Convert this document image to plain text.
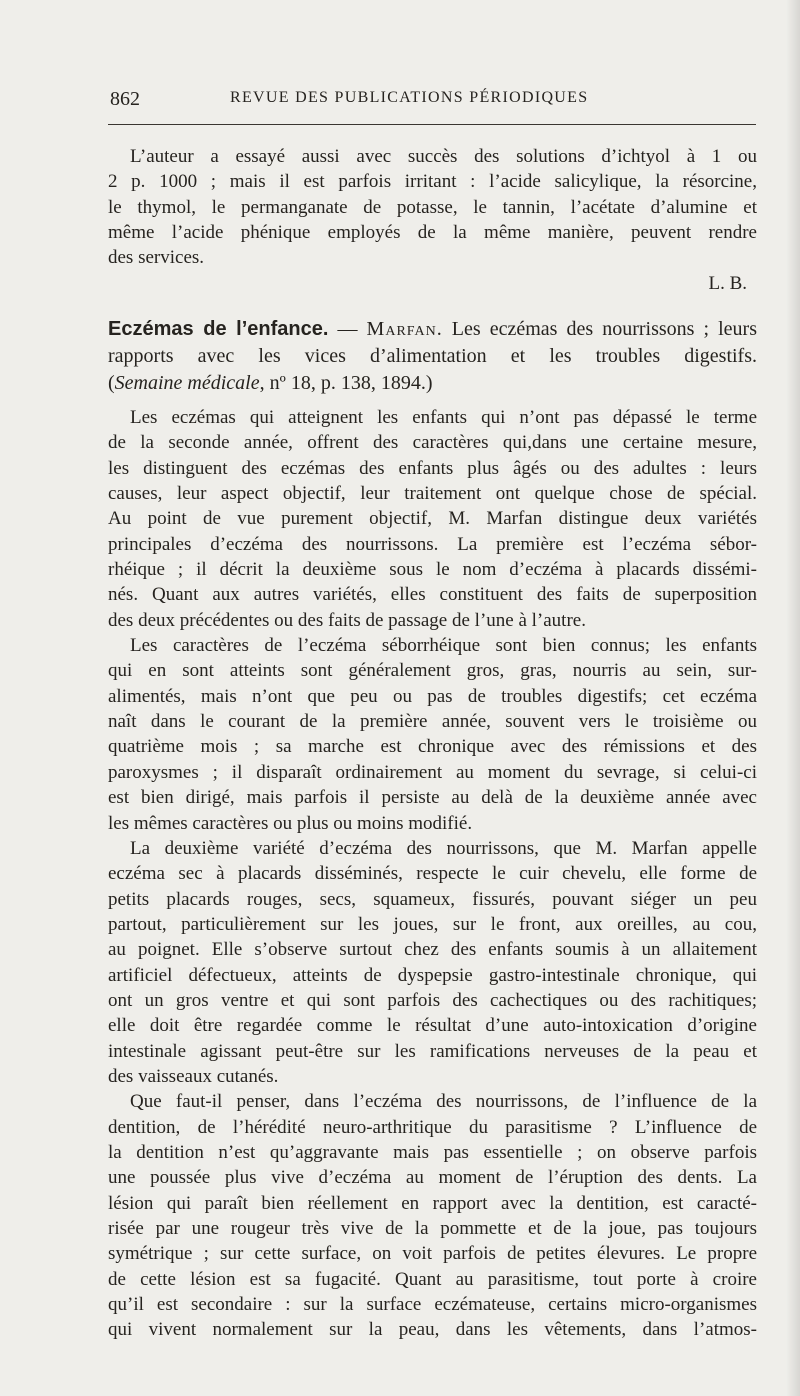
862	REVUE DES PUBLICATIONS PÉRIODIQUES

L’auteur a essayé aussi avec succès des solutions d’ichtyol à 1 ou

2 p. 1000 ; mais il est parfois irritant : l’acide salicylique, la résorcine,

le thymol, le permanganate de potasse, le tannin, l’acétate d’alumine et

même l’acide phénique employés de la même manière, peuvent rendre

des services.

L. B.

Eczémas de l’enfance. — Marfan. Les eczémas des nourrissons ; leurs

rapports avec les vices d’alimentation et les troubles digestifs.

(Semaine médicale, nº 18, p. 138, 1894.)

Les eczémas qui atteignent les enfants qui n’ont pas dépassé le terme

de la seconde année, offrent des caractères qui,dans une certaine mesure,

les distinguent des eczémas des enfants plus âgés ou des adultes : leurs

causes, leur aspect objectif, leur traitement ont quelque chose de spécial.

Au point de vue purement objectif, M. Marfan distingue deux variétés

principales d’eczéma des nourrissons. La première est l’eczéma sébor-

rhéique ; il décrit la deuxième sous le nom d’eczéma à placards dissémi-

nés. Quant aux autres variétés, elles constituent des faits de superposition

des deux précédentes ou des faits de passage de l’une à l’autre.

Les caractères de l’eczéma séborrhéique sont bien connus; les enfants

qui en sont atteints sont généralement gros, gras, nourris au sein, sur-

alimentés, mais n’ont que peu ou pas de troubles digestifs; cet eczéma

naît dans le courant de la première année, souvent vers le troisième ou

quatrième mois ; sa marche est chronique avec des rémissions et des

paroxysmes ; il disparaît ordinairement au moment du sevrage, si celui-ci

est bien dirigé, mais parfois il persiste au delà de la deuxième année avec

les mêmes caractères ou plus ou moins modifié.

La deuxième variété d’eczéma des nourrissons, que M. Marfan appelle

eczéma sec à placards disséminés, respecte le cuir chevelu, elle forme de

petits placards rouges, secs, squameux, fissurés, pouvant siéger un peu

partout, particulièrement sur les joues, sur le front, aux oreilles, au cou,

au poignet. Elle s’observe surtout chez des enfants soumis à un allaitement

artificiel défectueux, atteints de dyspepsie gastro-intestinale chronique, qui

ont un gros ventre et qui sont parfois des cachectiques ou des rachitiques;

elle doit être regardée comme le résultat d’une auto-intoxication d’origine

intestinale agissant peut-être sur les ramifications nerveuses de la peau et

des vaisseaux cutanés.

Que faut-il penser, dans l’eczéma des nourrissons, de l’influence de la

dentition, de l’hérédité neuro-arthritique du parasitisme ? L’influence de

la dentition n’est qu’aggravante mais pas essentielle ; on observe parfois

une poussée plus vive d’eczéma au moment de l’éruption des dents. La

lésion qui paraît bien réellement en rapport avec la dentition, est caracté-

risée par une rougeur très vive de la pommette et de la joue, pas toujours

symétrique ; sur cette surface, on voit parfois de petites élevures. Le propre

de cette lésion est sa fugacité. Quant au parasitisme, tout porte à croire

qu’il est secondaire : sur la surface eczémateuse, certains micro-organismes

qui vivent normalement sur la peau, dans les vêtements, dans l’atmos-
